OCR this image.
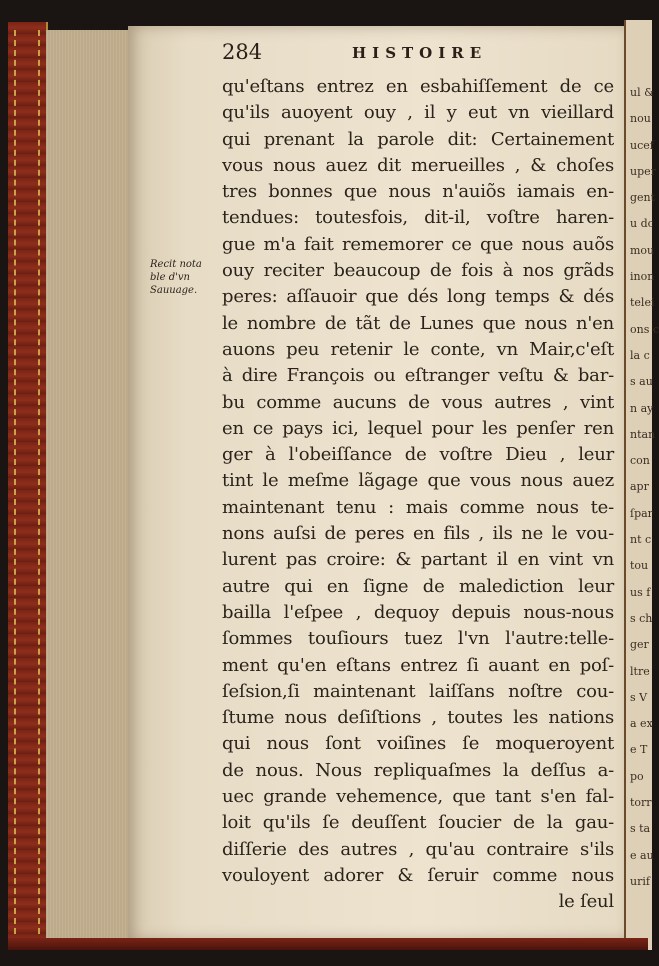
ul &
nou
ucef
uper
gent
u dc
mou
inon
telei
ons c
la c
s au
n ay
ntan
con
apr
ſpar
nt c
tou
us f
s ch
ger
ltre
s V
a ex
e T
po
torr
s ta
e au
urif
284	HISTOIRE
Recit nota
ble d'vn
Sauuage.
qu'eſtans entrez en esbahiſſement de ce
qu'ils auoyent ouy , il y eut vn vieillard
qui prenant la parole dit: Certainement
vous nous auez dit merueilles , & choſes
tres bonnes que nous n'auiõs iamais en-
tendues: toutesfois, dit-il, voſtre haren-
gue m'a fait rememorer ce que nous auõs
ouy reciter beaucoup de fois à nos grãds
peres: aſſauoir que dés long temps & dés
le nombre de tãt de Lunes que nous n'en
auons peu retenir le conte, vn Mair,c'eſt
à dire François ou eſtranger veſtu & bar-
bu comme aucuns de vous autres , vint
en ce pays ici, lequel pour les penſer ren
ger à l'obeiſſance de voſtre Dieu , leur
tint le meſme lãgage que vous nous auez
maintenant tenu : mais comme nous te-
nons auſsi de peres en fils , ils ne le vou-
lurent pas croire: & partant il en vint vn
autre qui en ſigne de malediction leur
bailla l'eſpee , dequoy depuis nous-nous
ſommes touſiours tuez l'vn l'autre:telle-
ment qu'en eſtans entrez ſi auant en poſ-
ſeſsion,ſi maintenant laiſſans noſtre cou-
ſtume nous deſiſtions , toutes les nations
qui nous ſont voiſines ſe moqueroyent
de nous. Nous repliquaſmes la deſſus a-
uec grande vehemence, que tant s'en fal-
loit qu'ils ſe deuſſent ſoucier de la gau-
diſſerie des autres , qu'au contraire s'ils
vouloyent adorer & ſeruir comme nous
le ſeul
